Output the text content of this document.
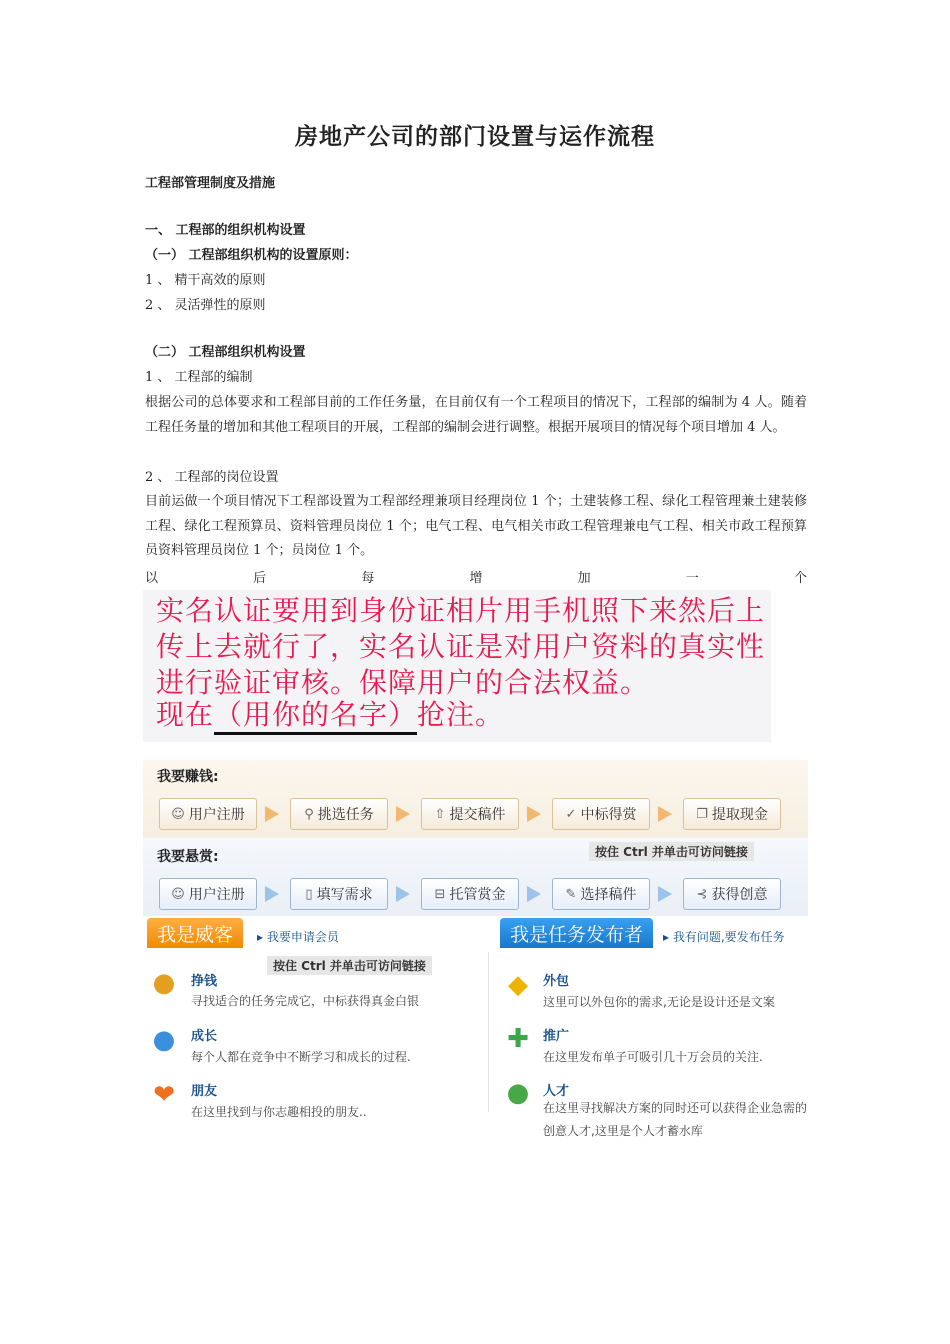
房地产公司的部门设置与运作流程
工程部管理制度及措施
一、 工程部的组织机构设置
（一） 工程部组织机构的设置原则：
1 、 精干高效的原则
2 、 灵活弹性的原则
（二） 工程部组织机构设置
1 、 工程部的编制
根据公司的总体要求和工程部目前的工作任务量，在目前仅有一个工程项目的情况下，工程部的编制为 4 人。随着工程任务量的增加和其他工程项目的开展，工程部的编制会进行调整。根据开展项目的情况每个项目增加 4 人。
2 、 工程部的岗位设置
目前运做一个项目情况下工程部设置为工程部经理兼项目经理岗位 1 个；土建装修工程、绿化工程管理兼土建装修工程、绿化工程预算员、资料管理员岗位 1 个；电气工程、电气相关市政工程管理兼电气工程、相关市政工程预算员资料管理员岗位 1 个；员岗位 1 个。
以	后	每	增	加	一	个
实名认证要用到身份证相片用手机照下来然后上
传上去就行了，实名认证是对用户资料的真实性
进行验证审核。保障用户的合法权益。
现在（用你的名字）抢注。
我要赚钱:
☺ 用户注册	⚲ 挑选任务	⇧ 提交稿件	✓ 中标得赏	❐ 提取现金
我要悬赏:	按住 Ctrl 并单击可访问链接
☺ 用户注册	▯ 填写需求	⊟ 托管赏金	✎ 选择稿件	⊰ 获得创意
我是威客	▸ 我要申请会员	我是任务发布者	▸ 我有问题,要发布任务
按住 Ctrl 并单击可访问链接
●	挣钱
寻找适合的任务完成它，中标获得真金白银
●	成长
每个人都在竞争中不断学习和成长的过程.
❤	朋友
在这里找到与你志趣相投的朋友..
◆	外包
这里可以外包你的需求,无论是设计还是文案
✚	推广
在这里发布单子可吸引几十万会员的关注.
●	人才
在这里寻找解决方案的同时还可以获得企业急需的创意人才,这里是个人才蓄水库
